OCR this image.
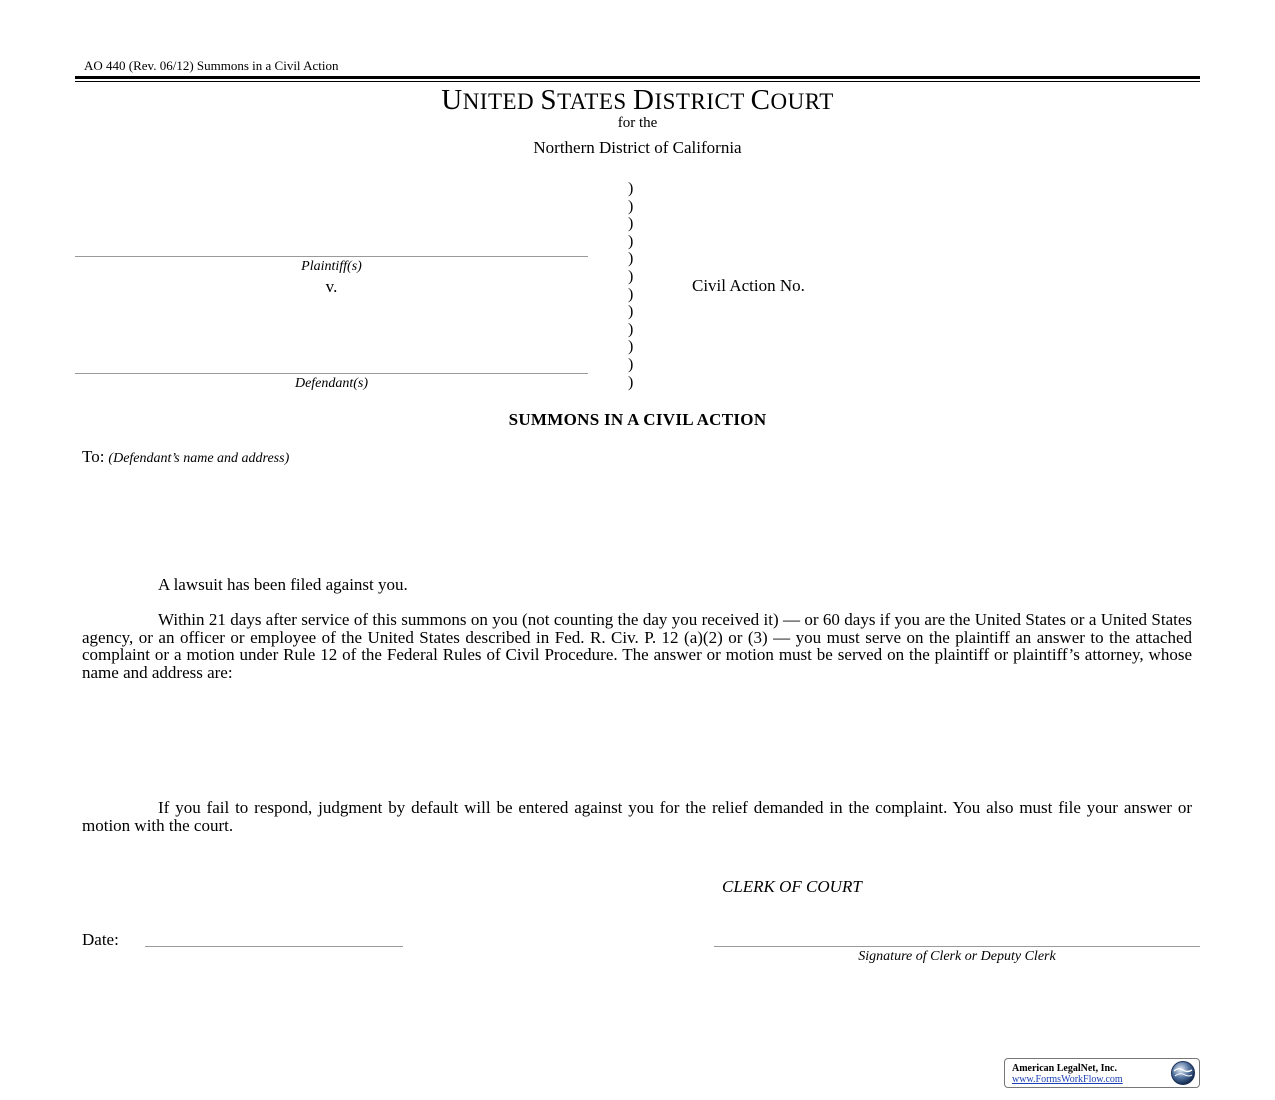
AO 440 (Rev. 06/12) Summons in a Civil Action
UNITED STATES DISTRICT COURT
for the
Northern District of California
Plaintiff(s)
v.
Defendant(s)
)
)
)
)
)
)
)
)
)
)
)
)
Civil Action No.
SUMMONS IN A CIVIL ACTION
To: (Defendant’s name and address)
A lawsuit has been filed against you.
Within 21 days after service of this summons on you (not counting the day you received it) — or 60 days if you are the United States or a United States agency, or an officer or employee of the United States described in Fed. R. Civ. P. 12 (a)(2) or (3) — you must serve on the plaintiff an answer to the attached complaint or a motion under Rule 12 of the Federal Rules of Civil Procedure. The answer or motion must be served on the plaintiff or plaintiff’s attorney, whose name and address are:
If you fail to respond, judgment by default will be entered against you for the relief demanded in the complaint. You also must file your answer or motion with the court.
CLERK OF COURT
Date:
Signature of Clerk or Deputy Clerk
American LegalNet, Inc.
www.FormsWorkFlow.com
